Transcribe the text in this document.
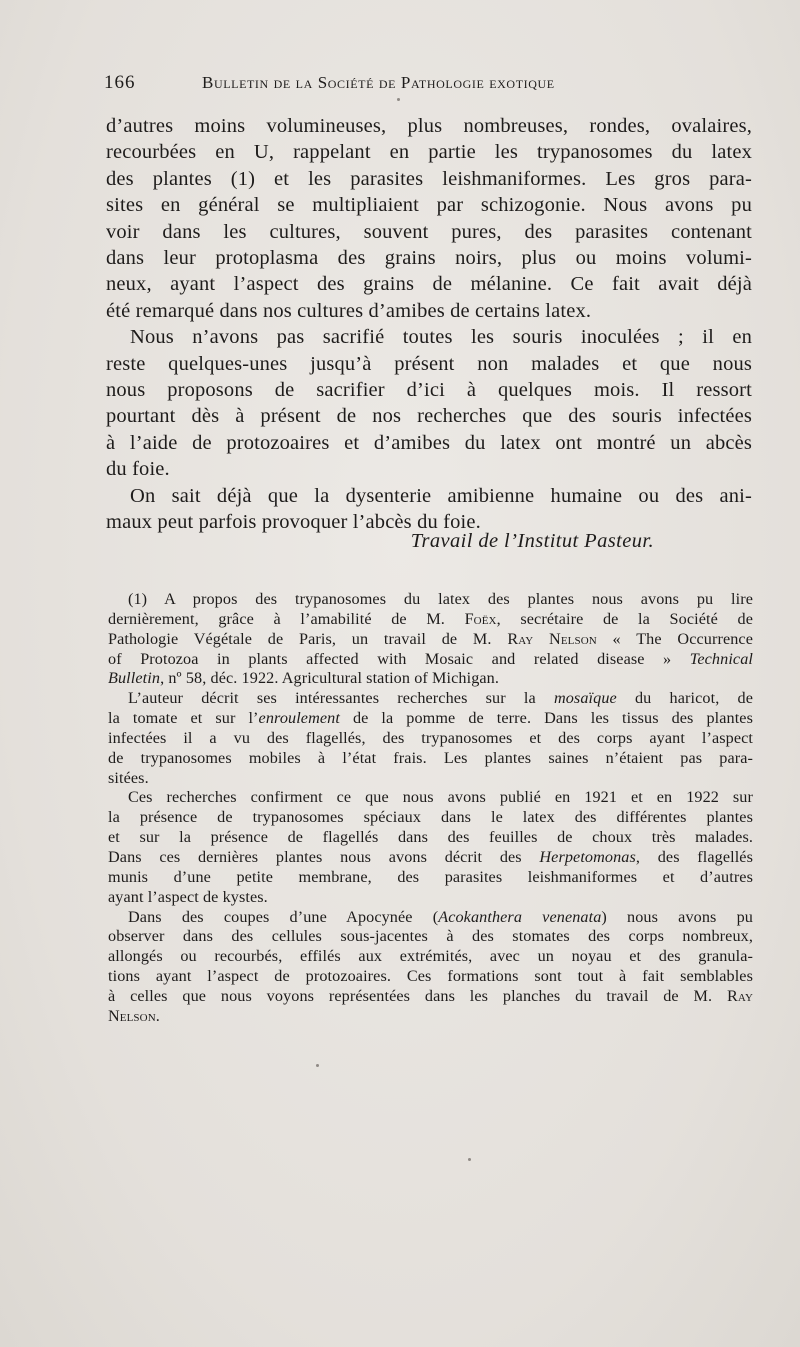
166	Bulletin de la Société de Pathologie exotique
d’autres moins volumineuses, plus nombreuses, rondes, ovalaires,
recourbées en U, rappelant en partie les trypanosomes du latex
des plantes (1) et les parasites leishmaniformes. Les gros para-
sites en général se multipliaient par schizogonie. Nous avons pu
voir dans les cultures, souvent pures, des parasites contenant
dans leur protoplasma des grains noirs, plus ou moins volumi-
neux, ayant l’aspect des grains de mélanine. Ce fait avait déjà
été remarqué dans nos cultures d’amibes de certains latex.
Nous n’avons pas sacrifié toutes les souris inoculées ; il en
reste quelques-unes jusqu’à présent non malades et que nous
nous proposons de sacrifier d’ici à quelques mois. Il ressort
pourtant dès à présent de nos recherches que des souris infectées
à l’aide de protozoaires et d’amibes du latex ont montré un abcès
du foie.
On sait déjà que la dysenterie amibienne humaine ou des ani-
maux peut parfois provoquer l’abcès du foie.
Travail de l’Institut Pasteur.
(1) A propos des trypanosomes du latex des plantes nous avons pu lire
dernièrement, grâce à l’amabilité de M. Foëx, secrétaire de la Société de
Pathologie Végétale de Paris, un travail de M. Ray Nelson « The Occurrence
of Protozoa in plants affected with Mosaic and related disease » Technical
Bulletin, nº 58, déc. 1922. Agricultural station of Michigan.
L’auteur décrit ses intéressantes recherches sur la mosaïque du haricot, de
la tomate et sur l’enroulement de la pomme de terre. Dans les tissus des plantes
infectées il a vu des flagellés, des trypanosomes et des corps ayant l’aspect
de trypanosomes mobiles à l’état frais. Les plantes saines n’étaient pas para-
sitées.
Ces recherches confirment ce que nous avons publié en 1921 et en 1922 sur
la présence de trypanosomes spéciaux dans le latex des différentes plantes
et sur la présence de flagellés dans des feuilles de choux très malades.
Dans ces dernières plantes nous avons décrit des Herpetomonas, des flagellés
munis d’une petite membrane, des parasites leishmaniformes et d’autres
ayant l’aspect de kystes.
Dans des coupes d’une Apocynée (Acokanthera venenata) nous avons pu
observer dans des cellules sous-jacentes à des stomates des corps nombreux,
allongés ou recourbés, effilés aux extrémités, avec un noyau et des granula-
tions ayant l’aspect de protozoaires. Ces formations sont tout à fait semblables
à celles que nous voyons représentées dans les planches du travail de M. Ray
Nelson.
